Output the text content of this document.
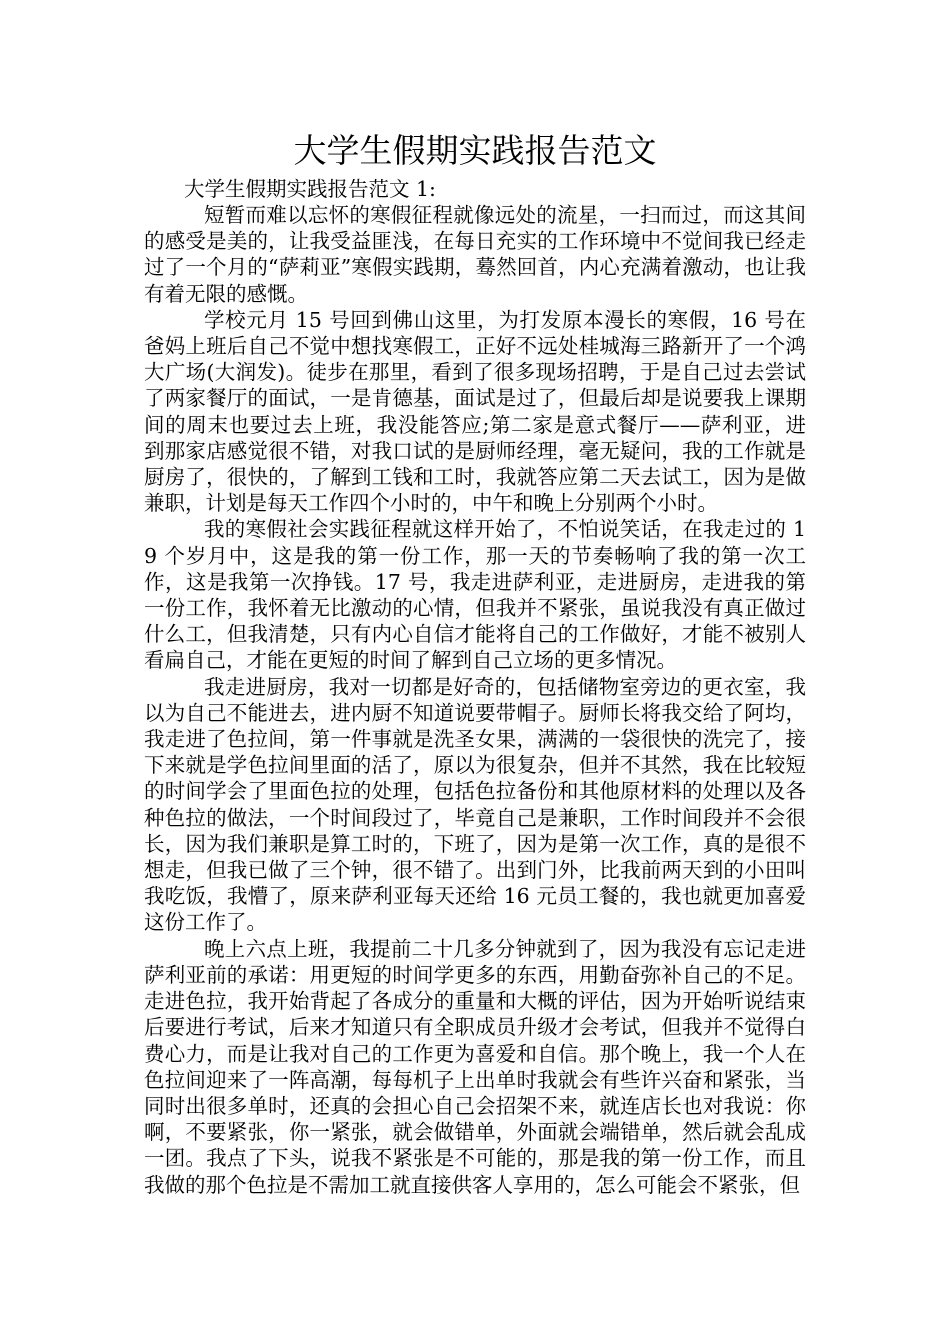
大学生假期实践报告范文

大学生假期实践报告范文 1:

短暂而难以忘怀的寒假征程就像远处的流星，一扫而过，而这其间的感受是美的，让我受益匪浅，在每日充实的工作环境中不觉间我已经走过了一个月的“萨莉亚”寒假实践期，蓦然回首，内心充满着激动，也让我有着无限的感慨。

学校元月 15 号回到佛山这里，为打发原本漫长的寒假，16 号在爸妈上班后自己不觉中想找寒假工，正好不远处桂城海三路新开了一个鸿大广场(大润发)。徒步在那里，看到了很多现场招聘，于是自己过去尝试了两家餐厅的面试，一是肯德基，面试是过了，但最后却是说要我上课期间的周末也要过去上班，我没能答应;第二家是意式餐厅——萨利亚，进到那家店感觉很不错，对我口试的是厨师经理，毫无疑问，我的工作就是厨房了，很快的，了解到工钱和工时，我就答应第二天去试工，因为是做兼职，计划是每天工作四个小时的，中午和晚上分别两个小时。

我的寒假社会实践征程就这样开始了，不怕说笑话，在我走过的 19 个岁月中，这是我的第一份工作，那一天的节奏畅响了我的第一次工作，这是我第一次挣钱。17 号，我走进萨利亚，走进厨房，走进我的第一份工作，我怀着无比激动的心情，但我并不紧张，虽说我没有真正做过什么工，但我清楚，只有内心自信才能将自己的工作做好，才能不被别人看扁自己，才能在更短的时间了解到自己立场的更多情况。

我走进厨房，我对一切都是好奇的，包括储物室旁边的更衣室，我以为自己不能进去，进内厨不知道说要带帽子。厨师长将我交给了阿均，我走进了色拉间，第一件事就是洗圣女果，满满的一袋很快的洗完了，接下来就是学色拉间里面的活了，原以为很复杂，但并不其然，我在比较短的时间学会了里面色拉的处理，包括色拉备份和其他原材料的处理以及各种色拉的做法，一个时间段过了，毕竟自己是兼职，工作时间段并不会很长，因为我们兼职是算工时的，下班了，因为是第一次工作，真的是很不想走，但我已做了三个钟，很不错了。出到门外，比我前两天到的小田叫我吃饭，我懵了，原来萨利亚每天还给 16 元员工餐的，我也就更加喜爱这份工作了。

晚上六点上班，我提前二十几多分钟就到了，因为我没有忘记走进萨利亚前的承诺：用更短的时间学更多的东西，用勤奋弥补自己的不足。走进色拉，我开始背起了各成分的重量和大概的评估，因为开始听说结束后要进行考试，后来才知道只有全职成员升级才会考试，但我并不觉得白费心力，而是让我对自己的工作更为喜爱和自信。那个晚上，我一个人在色拉间迎来了一阵高潮，每每机子上出单时我就会有些许兴奋和紧张，当同时出很多单时，还真的会担心自己会招架不来，就连店长也对我说：你啊，不要紧张，你一紧张，就会做错单，外面就会端错单，然后就会乱成一团。我点了下头，说我不紧张是不可能的，那是我的第一份工作，而且我做的那个色拉是不需加工就直接供客人享用的，怎么可能会不紧张，但
